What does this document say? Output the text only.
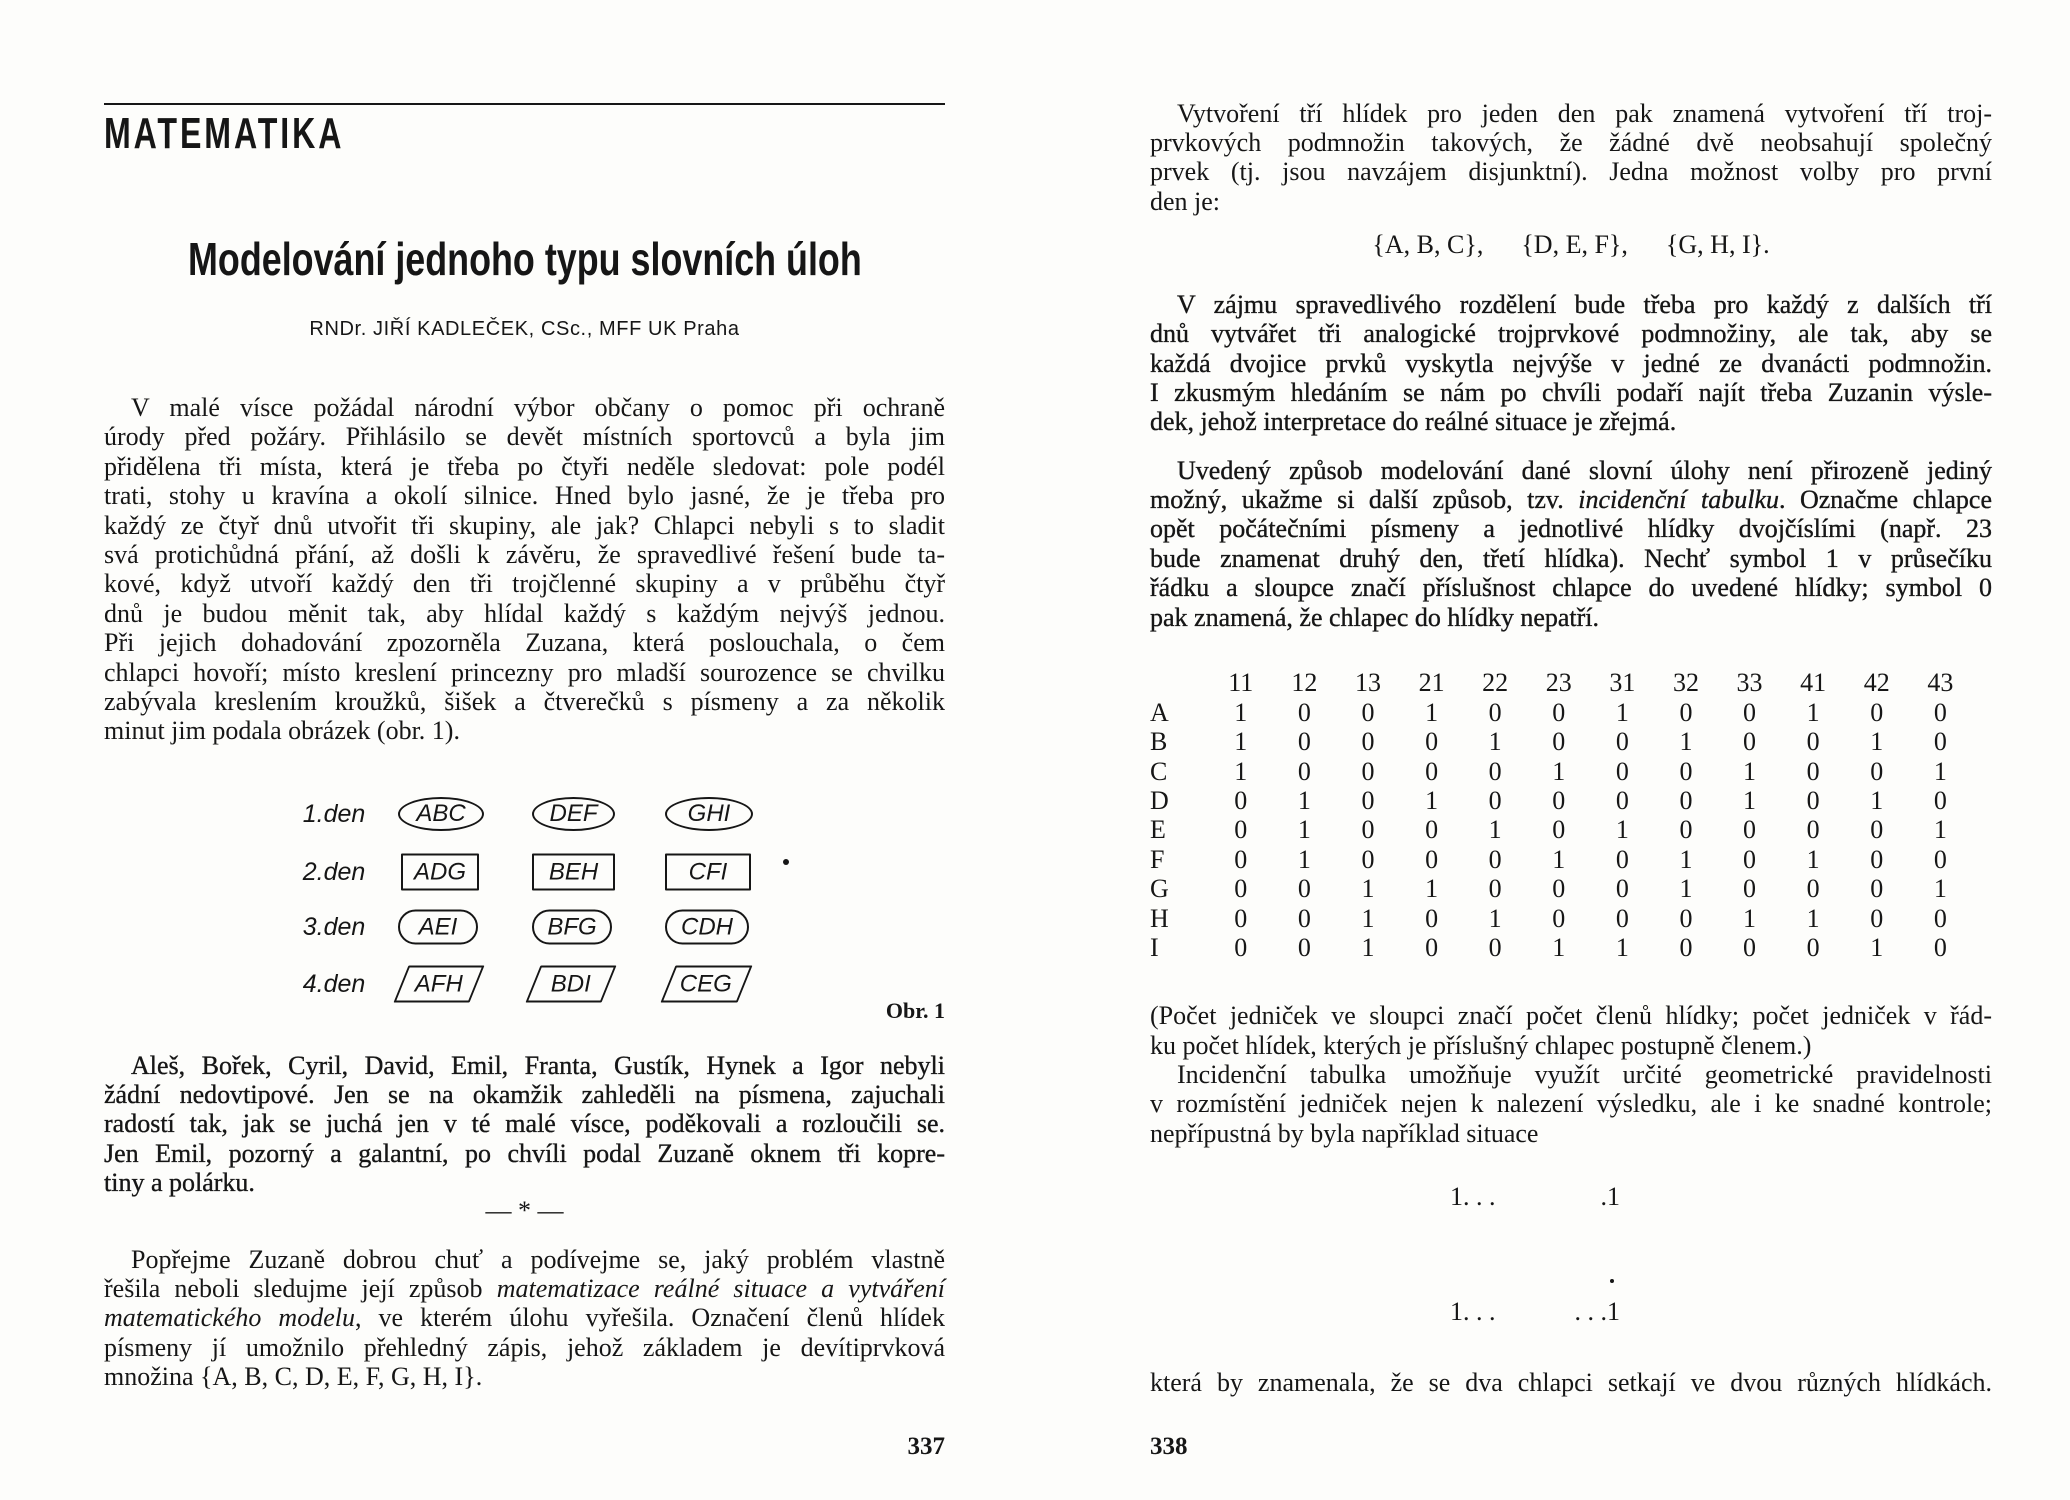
MATEMATIKA
Modelování jednoho typu slovních úloh
RNDr. JIŘÍ KADLEČEK, CSc., MFF UK Praha
V malé vísce požádal národní výbor občany o pomoc při ochraně
úrody před požáry. Přihlásilo se devět místních sportovců a byla jim
přidělena tři místa, která je třeba po čtyři neděle sledovat: pole podél
trati, stohy u kravína a okolí silnice. Hned bylo jasné, že je třeba pro
každý ze čtyř dnů utvořit tři skupiny, ale jak? Chlapci nebyli s to sladit
svá protichůdná přání, až došli k závěru, že spravedlivé řešení bude ta-
kové, když utvoří každý den tři trojčlenné skupiny a v průběhu čtyř
dnů je budou měnit tak, aby hlídal každý s každým nejvýš jednou.
Při jejich dohadování zpozorněla Zuzana, která poslouchala, o čem
chlapci hovoří; místo kreslení princezny pro mladší sourozence se chvilku
zabývala kreslením kroužků, šišek a čtverečků s písmeny a za několik
minut jim podala obrázek (obr. 1).
1.den	ABC	DEF	GHI
2.den	ADG	BEH	CFI
3.den	AEI	BFG	CDH
4.den	AFH	BDI	CEG
Obr. 1
Aleš, Bořek, Cyril, David, Emil, Franta, Gustík, Hynek a Igor nebyli
žádní nedovtipové. Jen se na okamžik zahleděli na písmena, zajuchali
radostí tak, jak se juchá jen v té malé vísce, poděkovali a rozloučili se.
Jen Emil, pozorný a galantní, po chvíli podal Zuzaně oknem tři kopre-
tiny a polárku.
— * —
Popřejme Zuzaně dobrou chuť a podívejme se, jaký problém vlastně
řešila neboli sledujme její způsob matematizace reálné situace a vytváření
matematického modelu, ve kterém úlohu vyřešila. Označení členů hlídek
písmeny jí umožnilo přehledný zápis, jehož základem je devítiprvková
množina {A, B, C, D, E, F, G, H, I}.
337
Vytvoření tří hlídek pro jeden den pak znamená vytvoření tří troj-
prvkových podmnožin takových, že žádné dvě neobsahují společný
prvek (tj. jsou navzájem disjunktní). Jedna možnost volby pro první
den je:
{A, B, C}, {D, E, F}, {G, H, I}.
V zájmu spravedlivého rozdělení bude třeba pro každý z dalších tří
dnů vytvářet tři analogické trojprvkové podmnožiny, ale tak, aby se
každá dvojice prvků vyskytla nejvýše v jedné ze dvanácti podmnožin.
I zkusmým hledáním se nám po chvíli podaří najít třeba Zuzanin výsle-
dek, jehož interpretace do reálné situace je zřejmá.
Uvedený způsob modelování dané slovní úlohy není přirozeně jediný
možný, ukažme si další způsob, tzv. incidenční tabulku. Označme chlapce
opět počátečními písmeny a jednotlivé hlídky dvojčíslími (např. 23
bude znamenat druhý den, třetí hlídka). Nechť symbol 1 v průsečíku
řádku a sloupce značí příslušnost chlapce do uvedené hlídky; symbol 0
pak znamená, že chlapec do hlídky nepatří.
	11	12	13	21	22	23	31	32	33	41	42	43
A	1	0	0	1	0	0	1	0	0	1	0	0
B	1	0	0	0	1	0	0	1	0	0	1	0
C	1	0	0	0	0	1	0	0	1	0	0	1
D	0	1	0	1	0	0	0	0	1	0	1	0
E	0	1	0	0	1	0	1	0	0	0	0	1
F	0	1	0	0	0	1	0	1	0	1	0	0
G	0	0	1	1	0	0	0	1	0	0	0	1
H	0	0	1	0	1	0	0	0	1	1	0	0
I	0	0	1	0	0	1	1	0	0	0	1	0
(Počet jedniček ve sloupci značí počet členů hlídky; počet jedniček v řád-
ku počet hlídek, kterých je příslušný chlapec postupně členem.)
Incidenční tabulka umožňuje využít určité geometrické pravidelnosti
v rozmístění jedniček nejen k nalezení výsledku, ale i ke snadné kontrole;
nepřípustná by byla například situace
1. . .	.1
1. . .	. . .1
která by znamenala, že se dva chlapci setkají ve dvou různých hlídkách.
338
